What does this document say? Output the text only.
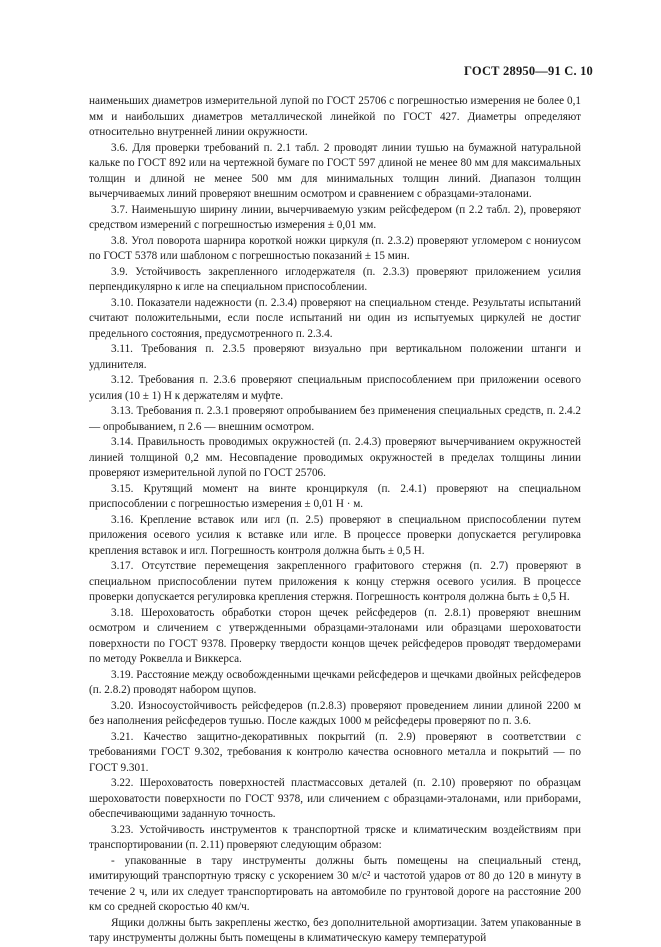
ГОСТ 28950—91 С. 10

наименьших диаметров измерительной лупой по ГОСТ 25706 с погрешностью измерения не более 0,1 мм и наибольших диаметров металлической линейкой по ГОСТ 427. Диаметры определяют относительно внутренней линии окружности.

3.6. Для проверки требований п. 2.1 табл. 2 проводят линии тушью на бумажной натуральной кальке по ГОСТ 892 или на чертежной бумаге по ГОСТ 597 длиной не менее 80 мм для максимальных толщин и длиной не менее 500 мм для минимальных толщин линий. Диапазон толщин вычерчиваемых линий проверяют внешним осмотром и сравнением с образцами-эталонами.

3.7. Наименьшую ширину линии, вычерчиваемую узким рейсфедером (п 2.2 табл. 2), проверяют средством измерений с погрешностью измерения ± 0,01 мм.

3.8. Угол поворота шарнира короткой ножки циркуля (п. 2.3.2) проверяют угломером с нониусом по ГОСТ 5378 или шаблоном с погрешностью показаний ± 15 мин.

3.9. Устойчивость закрепленного иглодержателя (п. 2.3.3) проверяют приложением усилия перпендикулярно к игле на специальном приспособлении.

3.10. Показатели надежности (п. 2.3.4) проверяют на специальном стенде. Результаты испытаний считают положительными, если после испытаний ни один из испытуемых циркулей не достиг предельного состояния, предусмотренного п. 2.3.4.

3.11. Требования п. 2.3.5 проверяют визуально при вертикальном положении штанги и удлинителя.

3.12. Требования п. 2.3.6 проверяют специальным приспособлением при приложении осевого усилия (10 ± 1) Н к держателям и муфте.

3.13. Требования п. 2.3.1 проверяют опробыванием без применения специальных средств, п. 2.4.2 — опробыванием, п 2.6 — внешним осмотром.

3.14. Правильность проводимых окружностей (п. 2.4.3) проверяют вычерчиванием окружностей линией толщиной 0,2 мм. Несовпадение проводимых окружностей в пределах толщины линии проверяют измерительной лупой по ГОСТ 25706.

3.15. Крутящий момент на винте кронциркуля (п. 2.4.1) проверяют на специальном приспособлении с погрешностью измерения ± 0,01 Н · м.

3.16. Крепление вставок или игл (п. 2.5) проверяют в специальном приспособлении путем приложения осевого усилия к вставке или игле. В процессе проверки допускается регулировка крепления вставок и игл. Погрешность контроля должна быть ± 0,5 Н.

3.17. Отсутствие перемещения закрепленного графитового стержня (п. 2.7) проверяют в специальном приспособлении путем приложения к концу стержня осевого усилия. В процессе проверки допускается регулировка крепления стержня. Погрешность контроля должна быть ± 0,5 Н.

3.18. Шероховатость обработки сторон щечек рейсфедеров (п. 2.8.1) проверяют внешним осмотром и сличением с утвержденными образцами-эталонами или образцами шероховатости поверхности по ГОСТ 9378. Проверку твердости концов щечек рейсфедеров проводят твердомерами по методу Роквелла и Виккерса.

3.19. Расстояние между освобожденными щечками рейсфедеров и щечками двойных рейсфедеров (п. 2.8.2) проводят набором щупов.

3.20. Износоустойчивость рейсфедеров (п.2.8.3) проверяют проведением линии длиной 2200 м без наполнения рейсфедеров тушью. После каждых 1000 м рейсфедеры проверяют по п. 3.6.

3.21. Качество защитно-декоративных покрытий (п. 2.9) проверяют в соответствии с требованиями ГОСТ 9.302, требования к контролю качества основного металла и покрытий — по ГОСТ 9.301.

3.22. Шероховатость поверхностей пластмассовых деталей (п. 2.10) проверяют по образцам шероховатости поверхности по ГОСТ 9378, или сличением с образцами-эталонами, или приборами, обеспечивающими заданную точность.

3.23. Устойчивость инструментов к транспортной тряске и климатическим воздействиям при транспортировании (п. 2.11) проверяют следующим образом:

- упакованные в тару инструменты должны быть помещены на специальный стенд, имитирующий транспортную тряску с ускорением 30 м/с² и частотой ударов от 80 до 120 в минуту в течение 2 ч, или их следует транспортировать на автомобиле по грунтовой дороге на расстояние 200 км со средней скоростью 40 км/ч.

Ящики должны быть закреплены жестко, без дополнительной амортизации. Затем упакованные в тару инструменты должны быть помещены в климатическую камеру температурой
